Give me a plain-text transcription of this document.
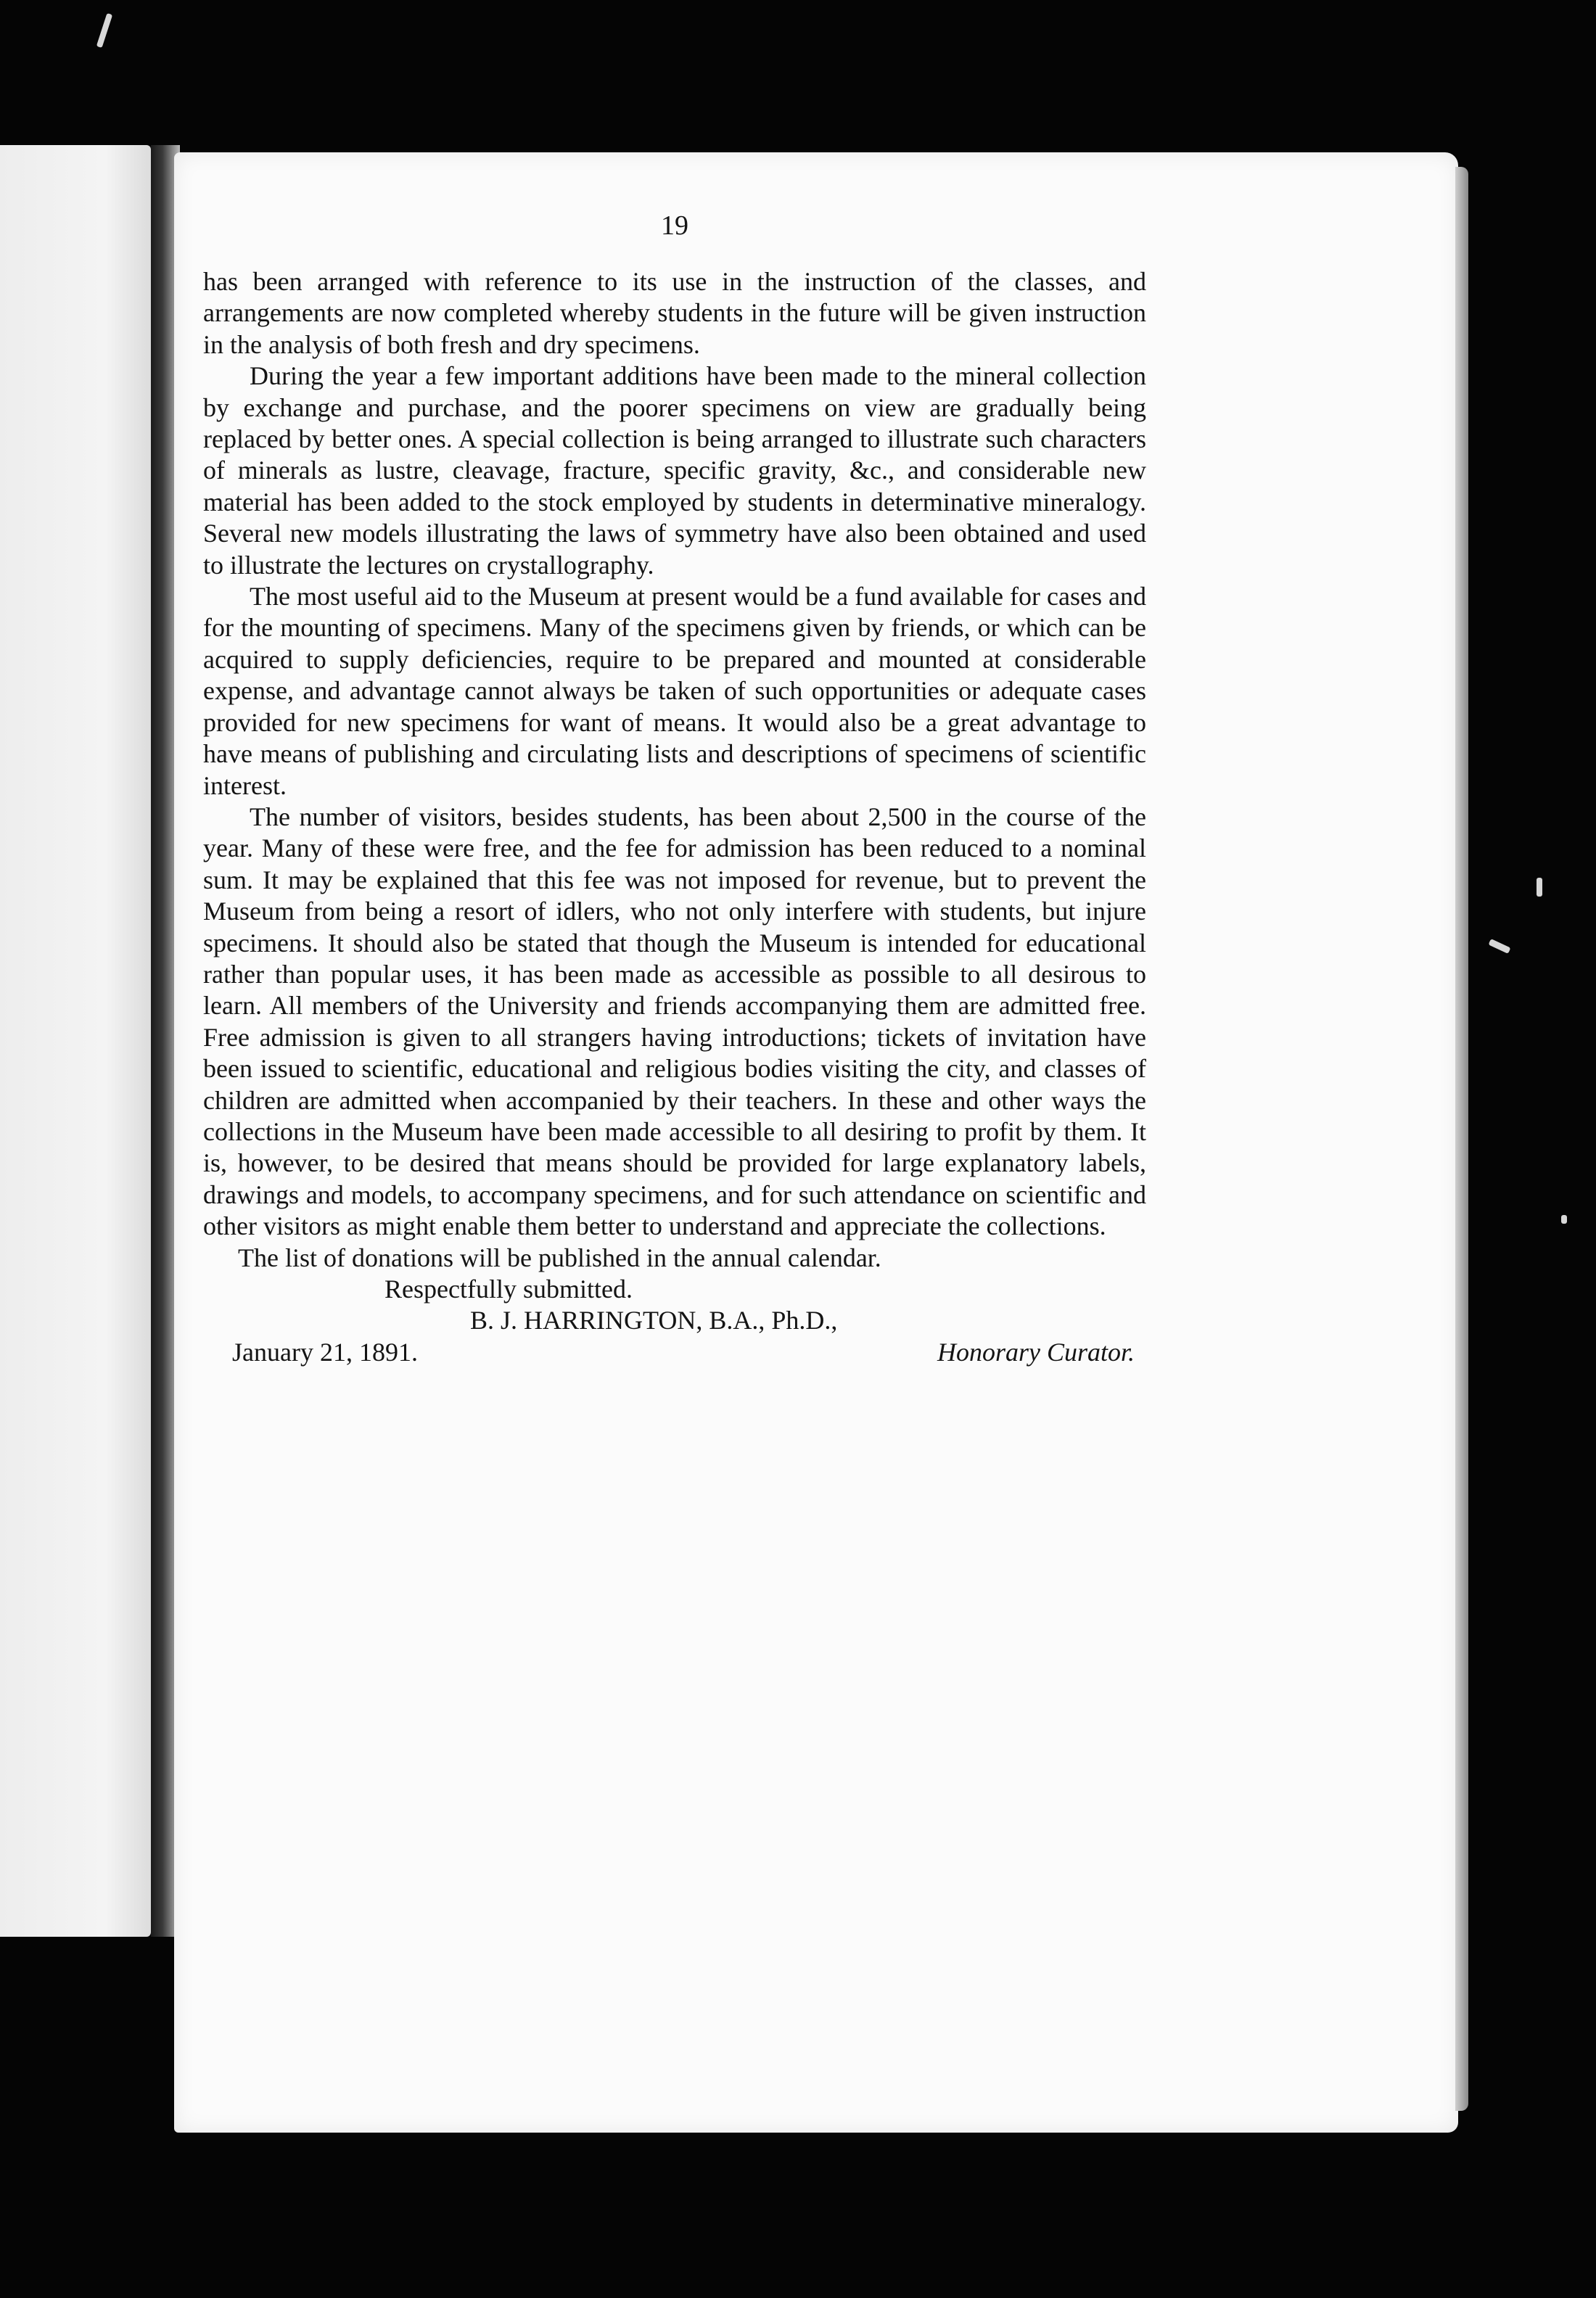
19

has been arranged with reference to its use in the instruction of the classes, and arrangements are now completed whereby students in the future will be given instruction in the analysis of both fresh and dry specimens.

During the year a few important additions have been made to the mineral collection by exchange and purchase, and the poorer specimens on view are gradually being replaced by better ones. A special collection is being arranged to illustrate such characters of minerals as lustre, cleavage, fracture, specific gravity, &c., and considerable new material has been added to the stock employed by students in determinative mineralogy. Several new models illustrating the laws of symmetry have also been obtained and used to illustrate the lectures on crystallography.

The most useful aid to the Museum at present would be a fund available for cases and for the mounting of specimens. Many of the specimens given by friends, or which can be acquired to supply deficiencies, require to be prepared and mounted at considerable expense, and advantage cannot always be taken of such opportunities or adequate cases provided for new specimens for want of means. It would also be a great advantage to have means of publishing and circulating lists and descriptions of specimens of scientific interest.

The number of visitors, besides students, has been about 2,500 in the course of the year. Many of these were free, and the fee for admission has been reduced to a nominal sum. It may be explained that this fee was not imposed for revenue, but to prevent the Museum from being a resort of idlers, who not only interfere with students, but injure specimens. It should also be stated that though the Museum is intended for educational rather than popular uses, it has been made as accessible as possible to all desirous to learn. All members of the University and friends accompanying them are admitted free. Free admission is given to all strangers having introductions; tickets of invitation have been issued to scientific, educational and religious bodies visiting the city, and classes of children are admitted when accompanied by their teachers. In these and other ways the collections in the Museum have been made accessible to all desiring to profit by them. It is, however, to be desired that means should be provided for large explanatory labels, drawings and models, to accompany specimens, and for such attendance on scientific and other visitors as might enable them better to understand and appreciate the collections.

The list of donations will be published in the annual calendar.

Respectfully submitted.

B. J. HARRINGTON, B.A., Ph.D.,

January 21, 1891.	Honorary Curator.
